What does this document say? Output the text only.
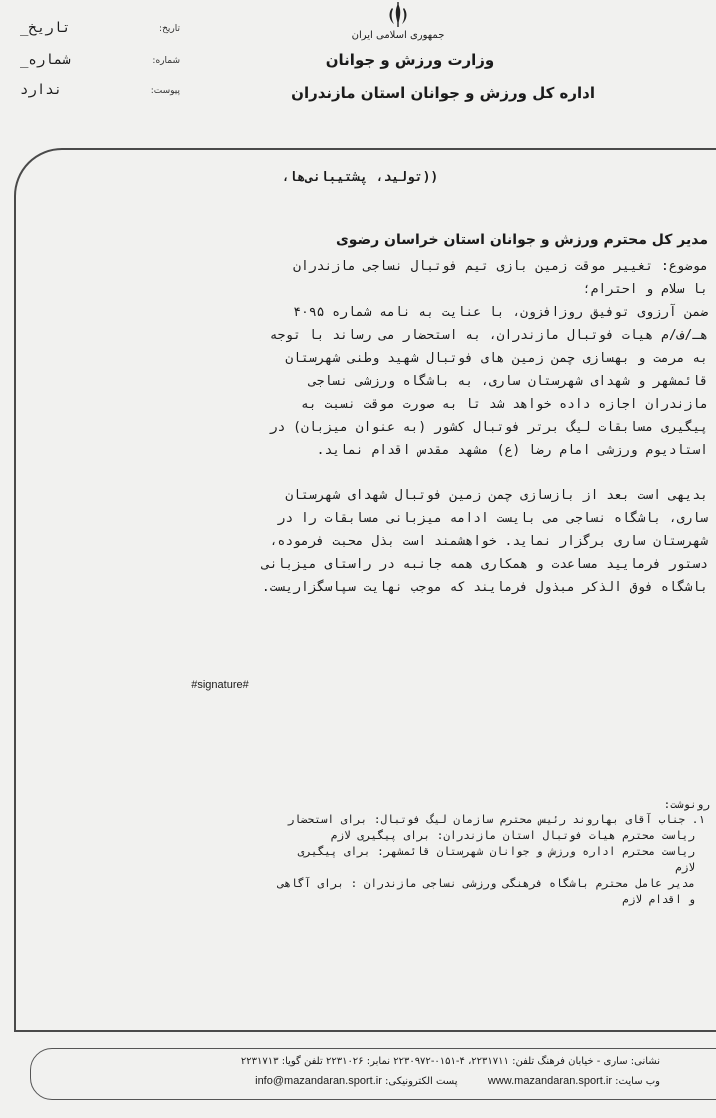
جمهوری اسلامی ایران
وزارت ورزش و جوانان
اداره کل ورزش و جوانان استان مازندران
تاریخ:
تاریخ_
شماره:
شماره_
پیوست:
ندارد
((تولید، پشتیبانی‌ها،
مدیر کل محترم ورزش و جوانان استان خراسان رضوی
موضوع: تغییر موقت زمین بازی تیم فوتبال نساجی مازندران
با سلام و احترام؛
ضمن آرزوی توفیق روزافزون، با عنایت به نامه شماره ۴۰۹۵
هـ/ف/م هیات فوتبال مازندران، به استحضار می رساند با توجه
به مرمت و بهسازی چمن زمین های فوتبال شهید وطنی شهرستان
قائمشهر و شهدای شهرستان ساری، به باشگاه ورزشی نساجی
مازندران اجازه داده خواهد شد تا به صورت موقت نسبت به
پیگیری مسابقات لیگ برتر فوتبال کشور (به عنوان میزبان) در
استادیوم ورزشی امام رضا (ع) مشهد مقدس اقدام نماید.
بدیهی است بعد از بازسازی چمن زمین فوتبال شهدای شهرستان
ساری، باشگاه نساجی می بایست ادامه میزبانی مسابقات را در
شهرستان ساری برگزار نماید. خواهشمند است بذل محبت فرموده،
دستور فرمایید مساعدت و همکاری همه جانبه در راستای میزبانی
باشگاه فوق الذکر مبذول فرمایند که موجب نهایت سپاسگزاریست.
#signature#
رونوشت:
۱. جناب آقای بهاروند رئیس محترم سازمان لیگ فوتبال: برای استحضار
ریاست محترم هیات فوتبال استان مازندران: برای پیگیری لازم
ریاست محترم اداره ورزش و جوانان شهرستان قائمشهر: برای پیگیری
لازم
مدیر عامل محترم باشگاه فرهنگی ورزشی نساجی مازندران : برای آگاهی
و اقدام لازم
نشانی: ساری - خیابان فرهنگ تلفن: ۲۲۳۱۷۱۱، ۴-۰۱۵۱-۲۲۳۰۹۷۲ نمابر: ۲۲۳۱۰۲۶ تلفن گویا: ۲۲۳۱۷۱۳
وب سایت: www.mazandaran.sport.ir  پست الکترونیکی: info@mazandaran.sport.ir
